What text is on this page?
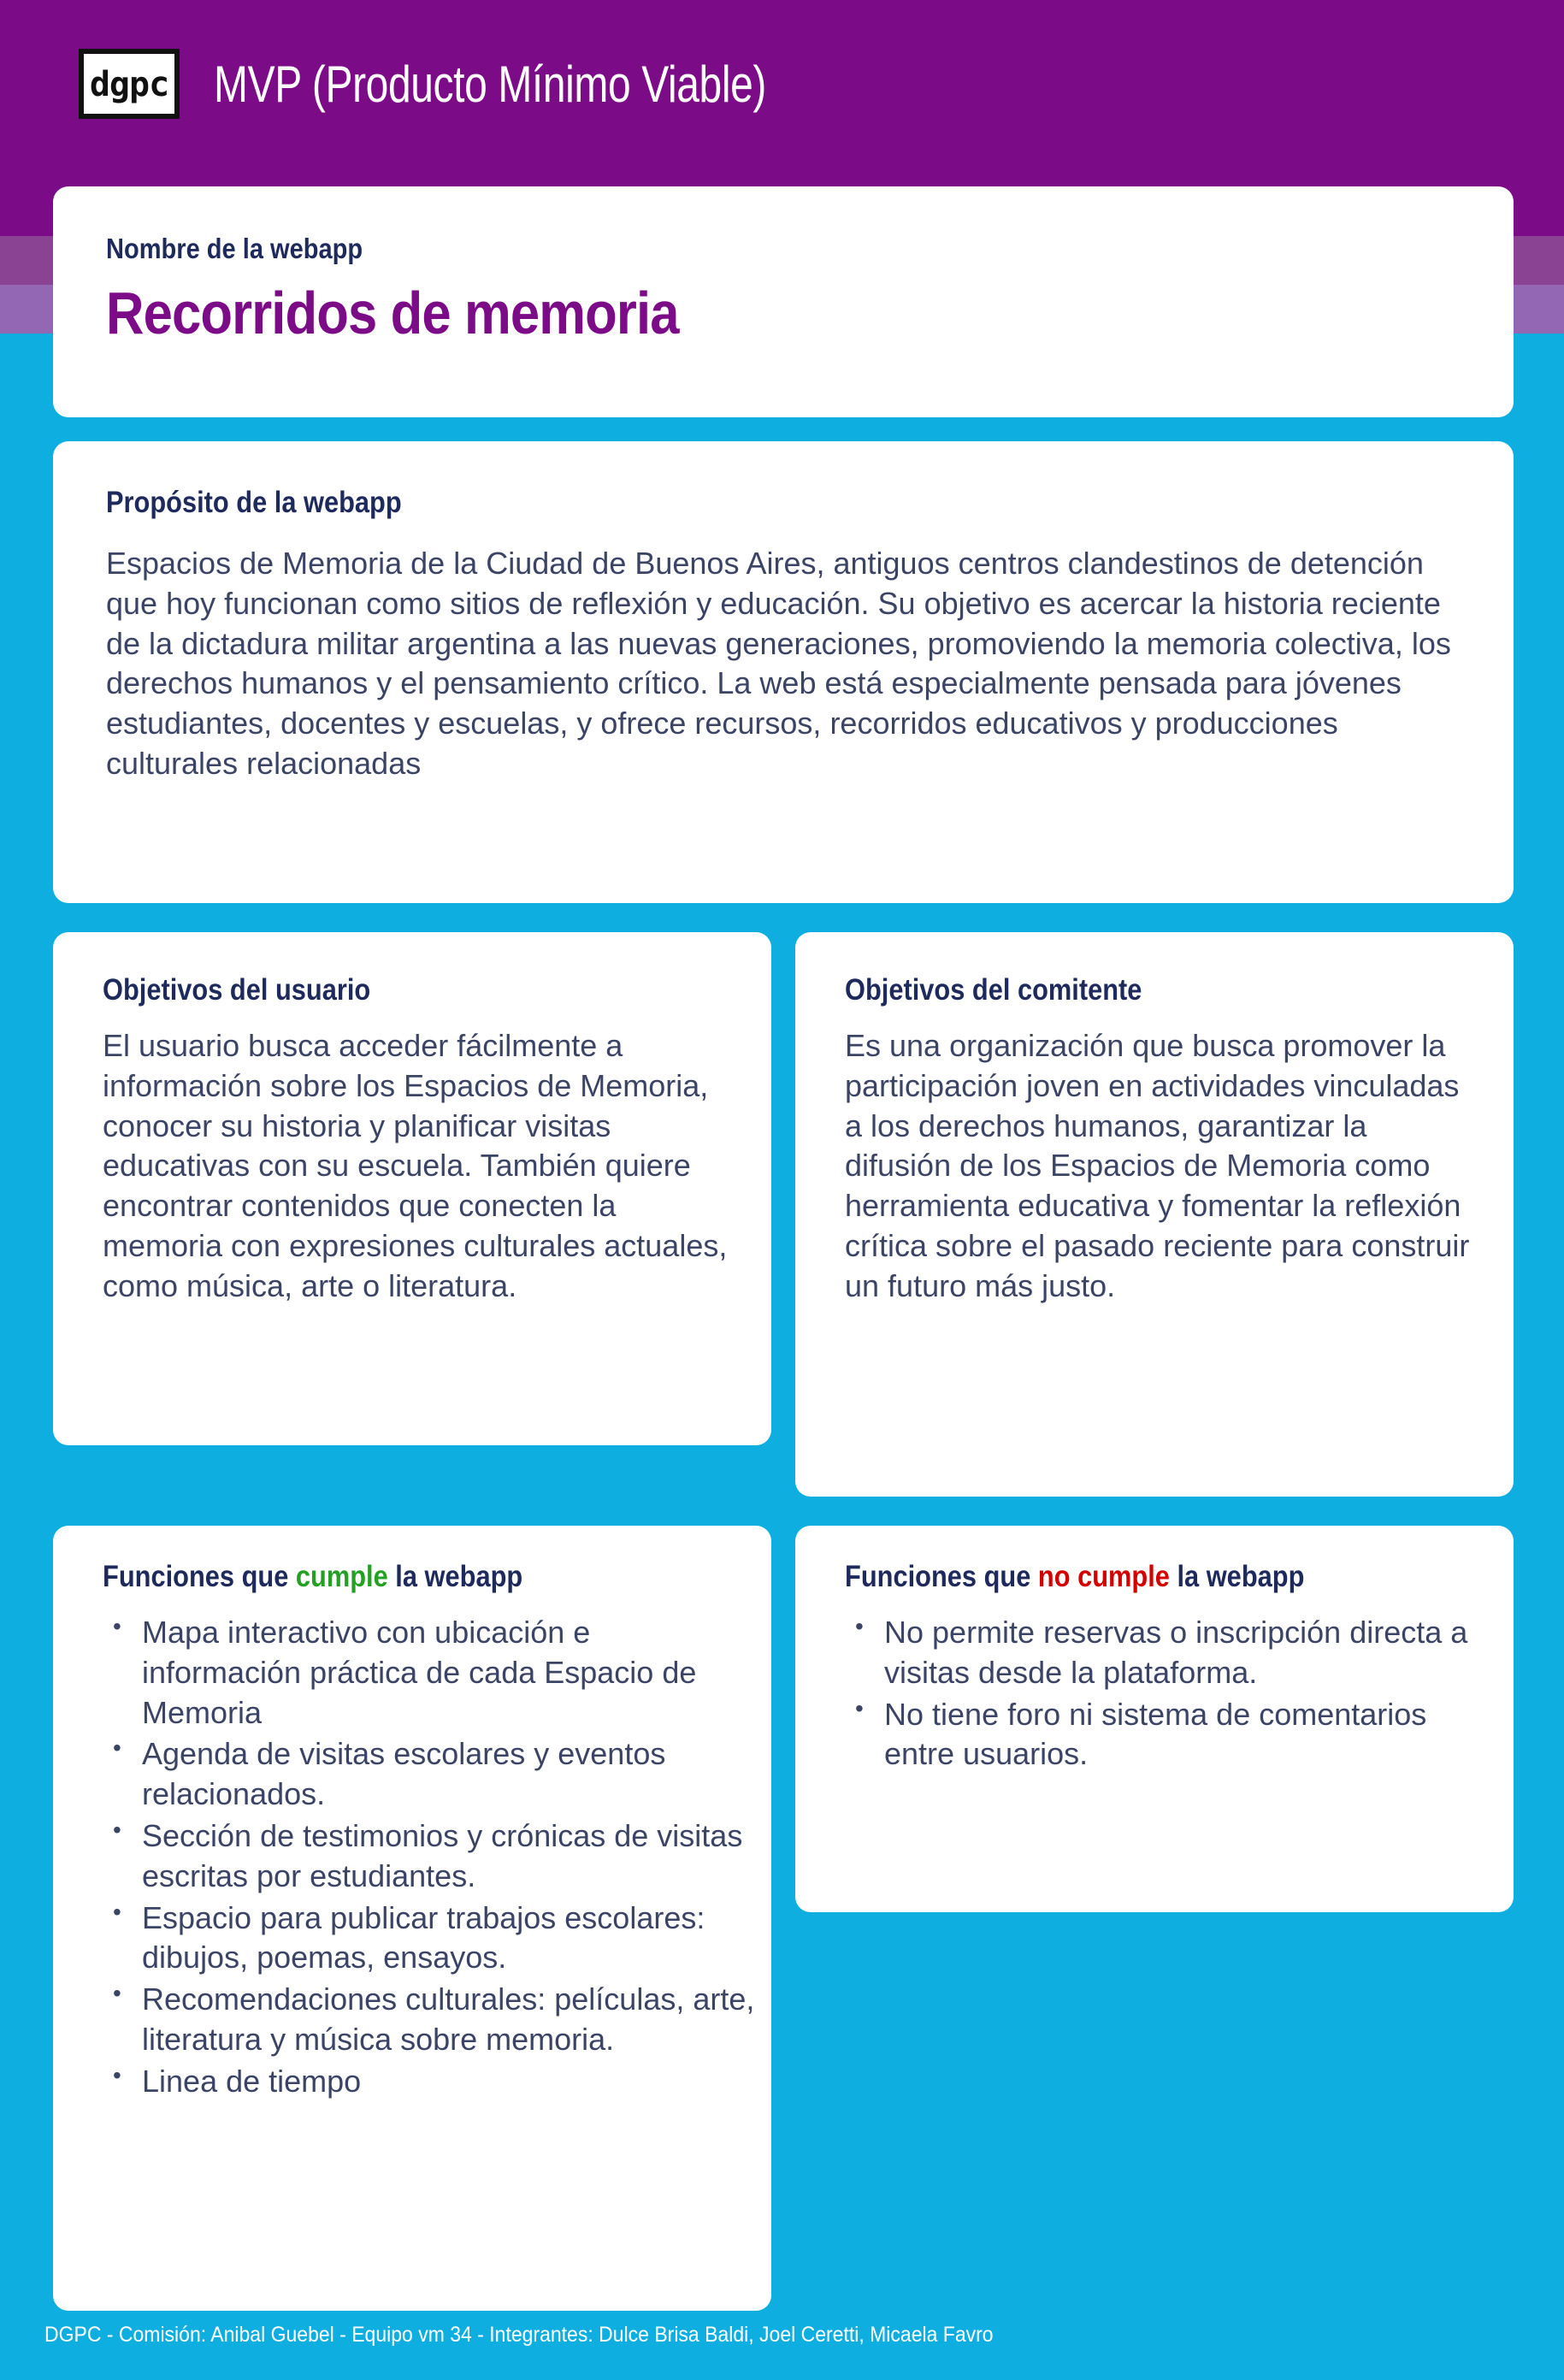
dgpc MVP (Producto Mínimo Viable)
Nombre de la webapp
Recorridos de memoria
Propósito de la webapp
Espacios de Memoria de la Ciudad de Buenos Aires, antiguos centros clandestinos de detención que hoy funcionan como sitios de reflexión y educación. Su objetivo es acercar la historia reciente de la dictadura militar argentina a las nuevas generaciones, promoviendo la memoria colectiva, los derechos humanos y el pensamiento crítico. La web está especialmente pensada para jóvenes estudiantes, docentes y escuelas, y ofrece recursos, recorridos educativos y producciones culturales relacionadas
Objetivos del usuario
El usuario busca acceder fácilmente a información sobre los Espacios de Memoria, conocer su historia y planificar visitas educativas con su escuela. También quiere encontrar contenidos que conecten la memoria con expresiones culturales actuales, como música, arte o literatura.
Objetivos del comitente
Es una organización que busca promover la participación joven en actividades vinculadas a los derechos humanos, garantizar la difusión de los Espacios de Memoria como herramienta educativa y fomentar la reflexión crítica sobre el pasado reciente para construir un futuro más justo.
Funciones que cumple la webapp
• Mapa interactivo con ubicación e información práctica de cada Espacio de Memoria
• Agenda de visitas escolares y eventos relacionados.
• Sección de testimonios y crónicas de visitas escritas por estudiantes.
• Espacio para publicar trabajos escolares: dibujos, poemas, ensayos.
• Recomendaciones culturales: películas, arte, literatura y música sobre memoria.
• Linea de tiempo
Funciones que no cumple la webapp
• No permite reservas o inscripción directa a visitas desde la plataforma.
• No tiene foro ni sistema de comentarios entre usuarios.
DGPC - Comisión: Anibal Guebel - Equipo vm 34 - Integrantes: Dulce Brisa Baldi, Joel Ceretti, Micaela Favro
